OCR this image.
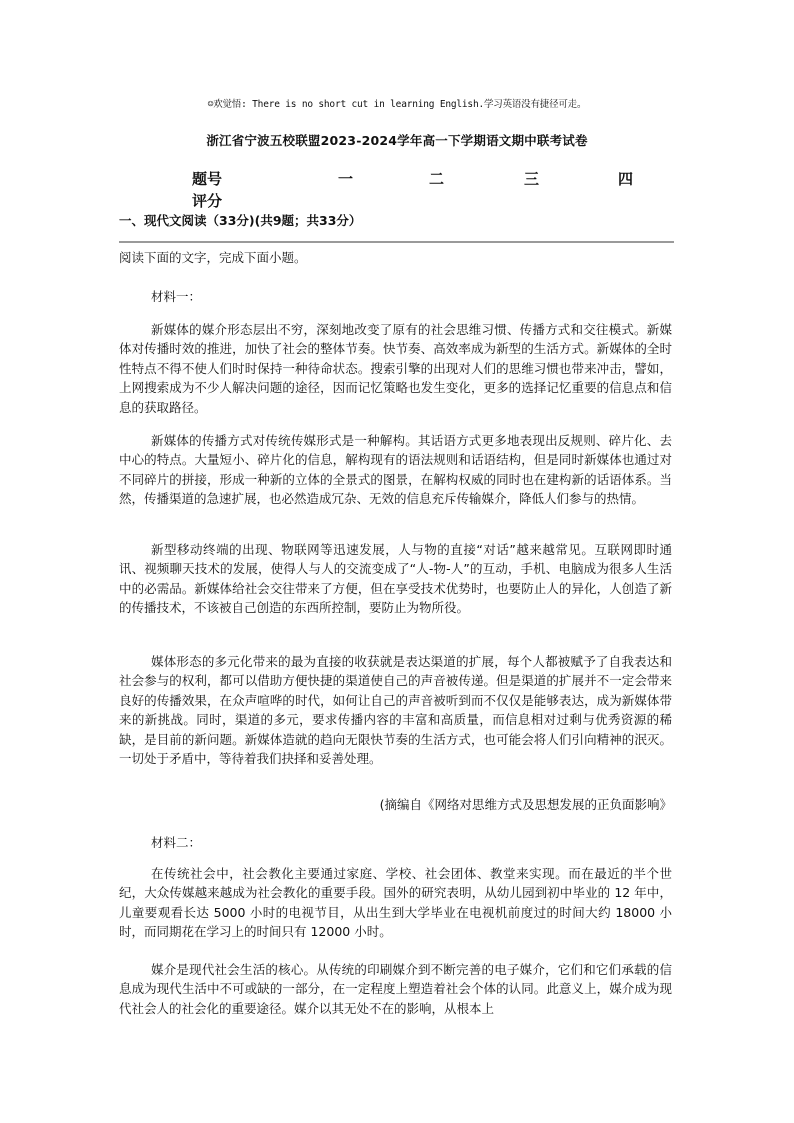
☺欢觉悟: There is no short cut in learning English.学习英语没有捷径可走。
浙江省宁波五校联盟2023-2024学年高一下学期语文期中联考试卷
题号	一	二	三	四
评分
一、现代文阅读（33分)(共9题；共33分）
阅读下面的文字，完成下面小题。
材料一：
新媒体的媒介形态层出不穷，深刻地改变了原有的社会思维习惯、传播方式和交往模式。新媒体对传播时效的推进，加快了社会的整体节奏。快节奏、高效率成为新型的生活方式。新媒体的全时性特点不得不使人们时时保持一种待命状态。搜索引擎的出现对人们的思维习惯也带来冲击，譬如，上网搜索成为不少人解决问题的途径，因而记忆策略也发生变化，更多的选择记忆重要的信息点和信息的获取路径。
新媒体的传播方式对传统传媒形式是一种解构。其话语方式更多地表现出反规则、碎片化、去中心的特点。大量短小、碎片化的信息，解构现有的语法规则和话语结构，但是同时新媒体也通过对不同碎片的拼接，形成一种新的立体的全景式的图景，在解构权威的同时也在建构新的话语体系。当然，传播渠道的急速扩展，也必然造成冗杂、无效的信息充斥传输媒介，降低人们参与的热情。
新型移动终端的出现、物联网等迅速发展，人与物的直接“对话”越来越常见。互联网即时通讯、视频聊天技术的发展，使得人与人的交流变成了“人-物-人”的互动，手机、电脑成为很多人生活中的必需品。新媒体给社会交往带来了方便，但在享受技术优势时，也要防止人的异化，人创造了新的传播技术，不该被自己创造的东西所控制，要防止为物所役。
媒体形态的多元化带来的最为直接的收获就是表达渠道的扩展，每个人都被赋予了自我表达和社会参与的权利，都可以借助方便快捷的渠道使自己的声音被传递。但是渠道的扩展并不一定会带来良好的传播效果，在众声喧哗的时代，如何让自己的声音被听到而不仅仅是能够表达，成为新媒体带来的新挑战。同时，渠道的多元，要求传播内容的丰富和高质量，而信息相对过剩与优秀资源的稀缺，是目前的新问题。新媒体造就的趋向无限快节奏的生活方式，也可能会将人们引向精神的泯灭。一切处于矛盾中，等待着我们抉择和妥善处理。
(摘编自《网络对思维方式及思想发展的正负面影响》
材料二：
在传统社会中，社会教化主要通过家庭、学校、社会团体、教堂来实现。而在最近的半个世纪，大众传媒越来越成为社会教化的重要手段。国外的研究表明，从幼儿园到初中毕业的 12 年中，儿童要观看长达 5000 小时的电视节目，从出生到大学毕业在电视机前度过的时间大约 18000 小时，而同期花在学习上的时间只有 12000 小时。
媒介是现代社会生活的核心。从传统的印刷媒介到不断完善的电子媒介，它们和它们承载的信息成为现代生活中不可或缺的一部分，在一定程度上塑造着社会个体的认同。此意义上，媒介成为现代社会人的社会化的重要途径。媒介以其无处不在的影响，从根本上
